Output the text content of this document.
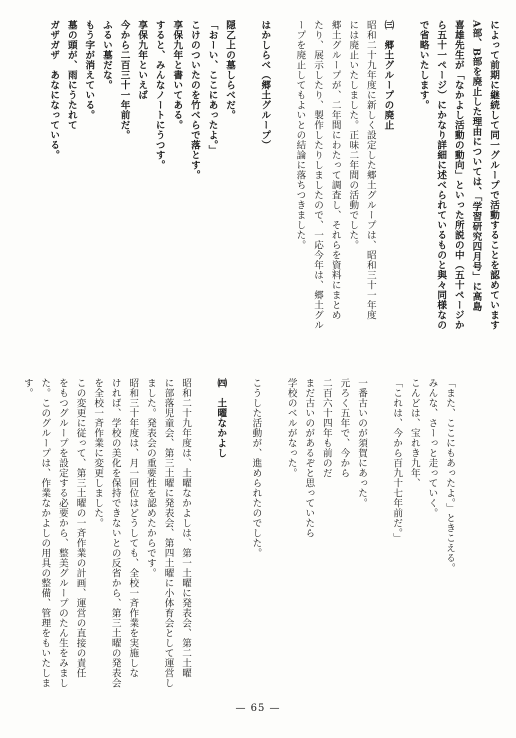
によって前期に継続して同一グループで活動することを認めています

A部、B部を廃止した理由については、「学習研究四月号」に高島

喜雄先生が「なかよし活動の動向」といった所説の中（五十ページか

ら五十一ページ）にかなり詳細に述べられているものと與々同様なの

で省略いたします。

㈢　郷土グループの廃止

昭和二十九年度に新しく設定した郷土グループは、昭和三十一年度

には廃止いたしました。正味二年間の活動でした。

郷土グループが、二年間にわたって調査し、それらを資料にまとめ

たり、展示したり、製作したりしましたので、一応今年は、郷土グル

ープを廃止してもよいとの結論に落ちつきました。

はかしらべ（郷土グループ）

隠乙上の墓しらべだ。

「おーい、ここにあったよ。」

こけのついたのを竹べらで落とす。

享保九年と書いてある。

すると、みんなノートにうつす。

享保九年といえば

今から二百三十一年前だ。

ふるい墓だな。

もう字が消えている。

墓の頭が、雨にうたれて

ガザガザ　あなになっている。

「また、ここにもあったよ。」ときこえる。

みんな、さーっと走っていく。

こんどは、宝れき九年、

「これは、今から百九十七年前だ。」

一番古いのが須賀にあった。

元ろく五年で、今から

二百六十四年も前のだ

まだ古いのがあるぞと思っていたら

学校のベルがなった。

こうした活動が、進められたのでした。

㈣　土曜なかよし

昭和二十九年度は、土曜なかよしは、第一土曜に発表会、第二土曜

に部落児童会、第三土曜に発表会、第四土曜に小体育会として運営し

ました。発表会の重要性を認めたからです。

昭和三十年度は、月一回位はどうしても、全校一斉作業を実施しな

ければ、学校の美化を保持できないとの反省から、第三土曜の発表会

を全校一斉作業に変更しました。

この変更に従って、第三土曜の一斉作業の計画、運営の直接の責任

をもつグループを設定する必要から、整美グループのたん生をみまし

た。このグループは、作業なかよしの用具の整備、管理をもいたしま

す。

— 65 —
